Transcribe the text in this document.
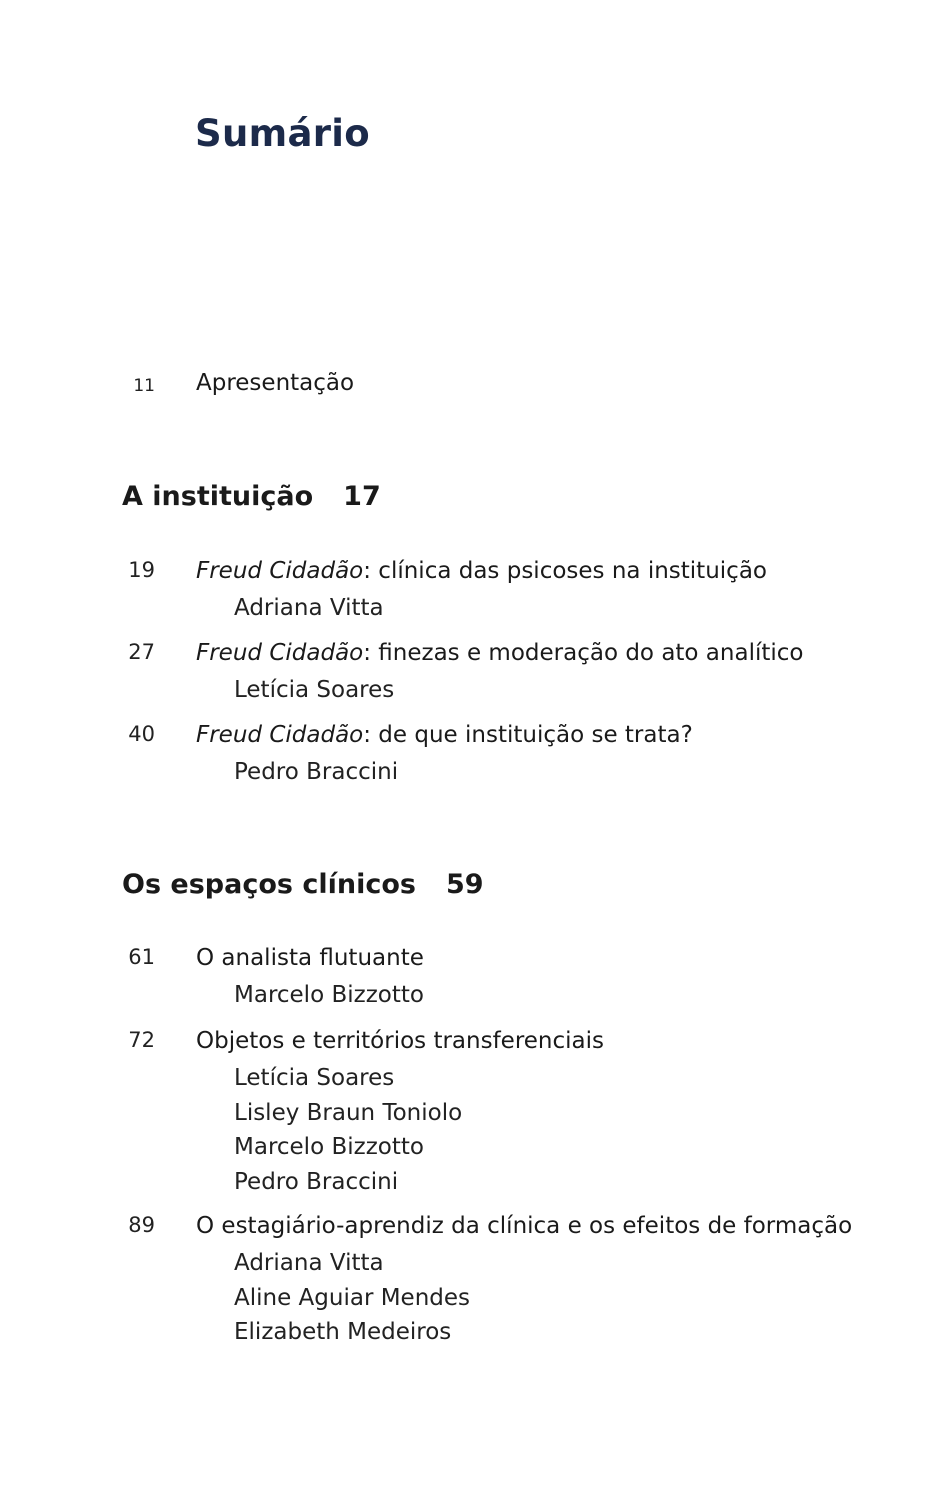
Sumário
11 Apresentação
A instituição 17
19 Freud Cidadão: clínica das psicoses na instituição
Adriana Vitta
27 Freud Cidadão: finezas e moderação do ato analítico
Letícia Soares
40 Freud Cidadão: de que instituição se trata?
Pedro Braccini
Os espaços clínicos 59
61 O analista flutuante
Marcelo Bizzotto
72 Objetos e territórios transferenciais
Letícia Soares
Lisley Braun Toniolo
Marcelo Bizzotto
Pedro Braccini
89 O estagiário-aprendiz da clínica e os efeitos de formação
Adriana Vitta
Aline Aguiar Mendes
Elizabeth Medeiros
